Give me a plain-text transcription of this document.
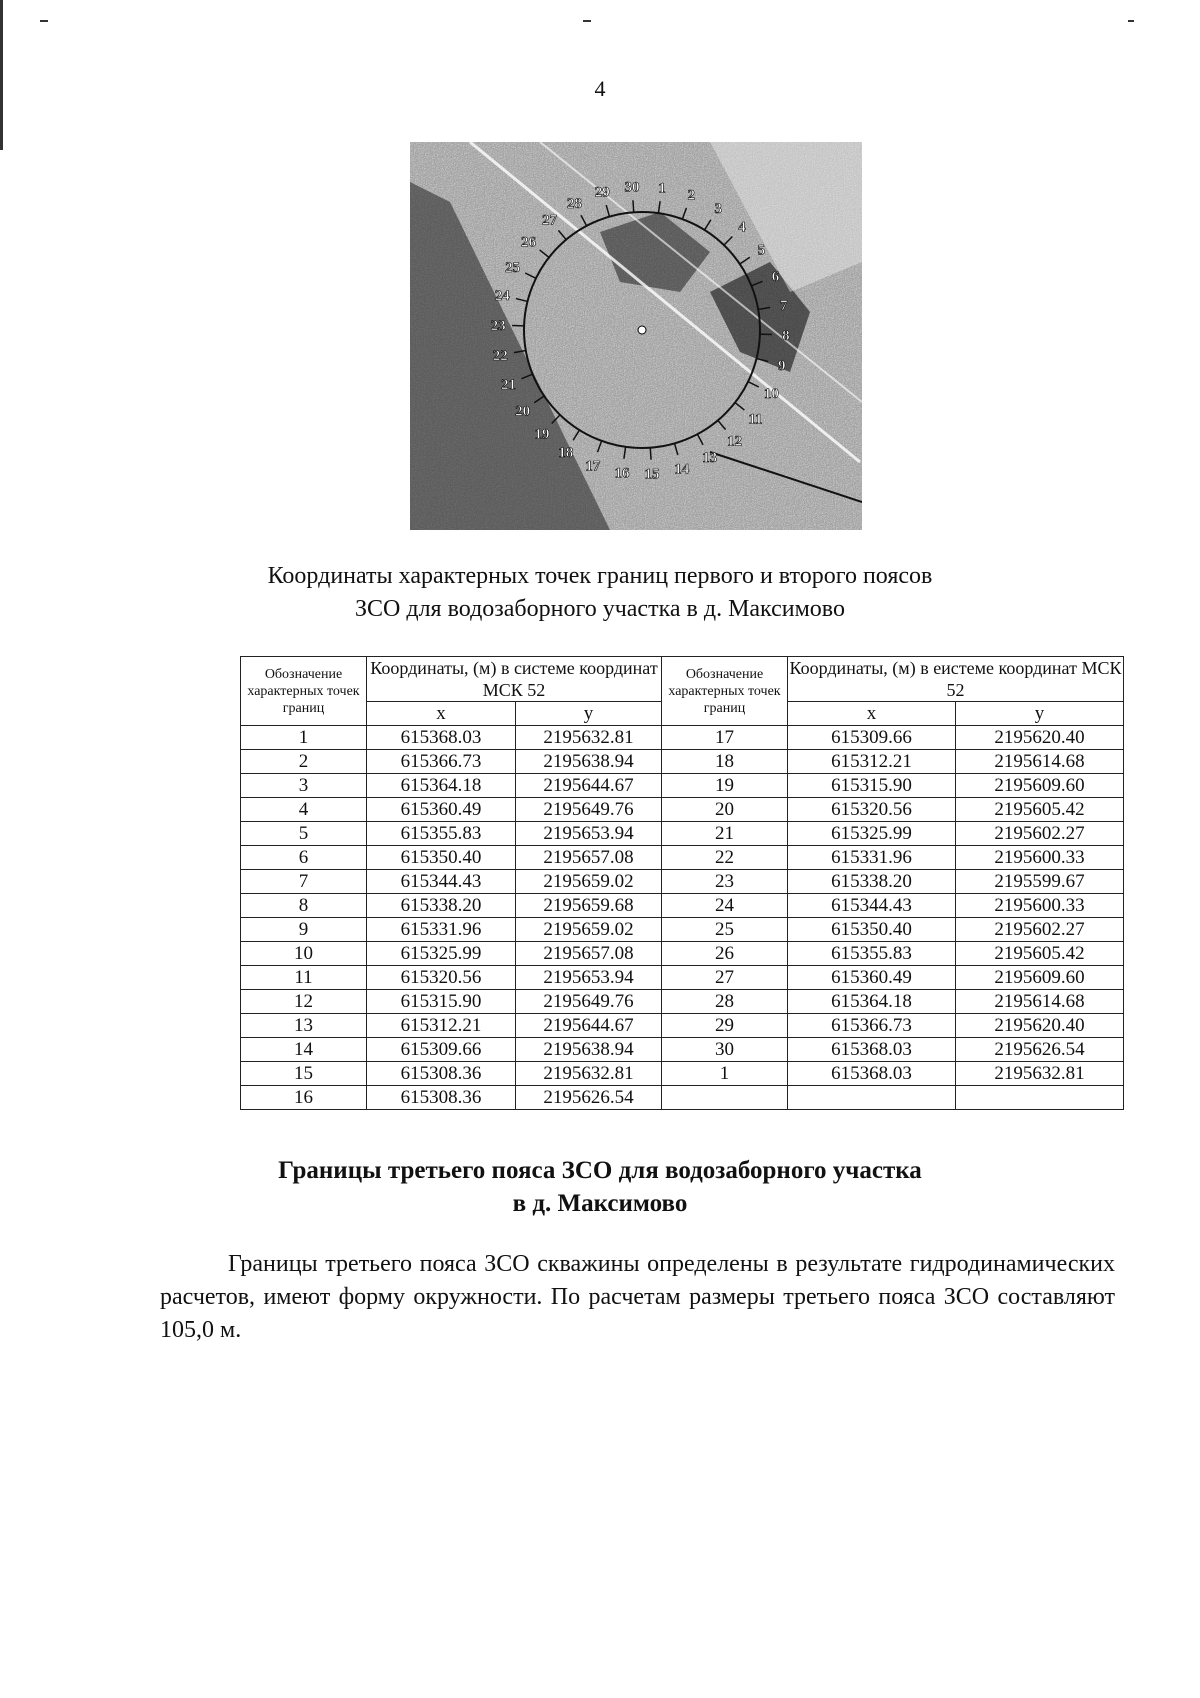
4
1 2
3
4
5
6
7
8
9
10
11
12
13
14
15
16
17
18
19
20
21
22
23
24
25
26
27
28
29 30
Координаты характерных точек границ первого и второго поясов
ЗСО для водозаборного участка в д. Максимово
Обозначение характерных точек границ	Координаты, (м) в системе координат МСК 52		Обозначение характерных точек границ	Координаты, (м) в еистеме координат МСК 52	
	x	y		x	y
1	615368.03	2195632.81	17	615309.66	2195620.40
2	615366.73	2195638.94	18	615312.21	2195614.68
3	615364.18	2195644.67	19	615315.90	2195609.60
4	615360.49	2195649.76	20	615320.56	2195605.42
5	615355.83	2195653.94	21	615325.99	2195602.27
6	615350.40	2195657.08	22	615331.96	2195600.33
7	615344.43	2195659.02	23	615338.20	2195599.67
8	615338.20	2195659.68	24	615344.43	2195600.33
9	615331.96	2195659.02	25	615350.40	2195602.27
10	615325.99	2195657.08	26	615355.83	2195605.42
11	615320.56	2195653.94	27	615360.49	2195609.60
12	615315.90	2195649.76	28	615364.18	2195614.68
13	615312.21	2195644.67	29	615366.73	2195620.40
14	615309.66	2195638.94	30	615368.03	2195626.54
15	615308.36	2195632.81	1	615368.03	2195632.81
16	615308.36	2195626.54			
Границы третьего пояса ЗСО для водозаборного участка
в д. Максимово
Границы третьего пояса ЗСО скважины определены в результате гидродинамических расчетов, имеют форму окружности. По расчетам размеры третьего пояса ЗСО составляют 105,0 м.
